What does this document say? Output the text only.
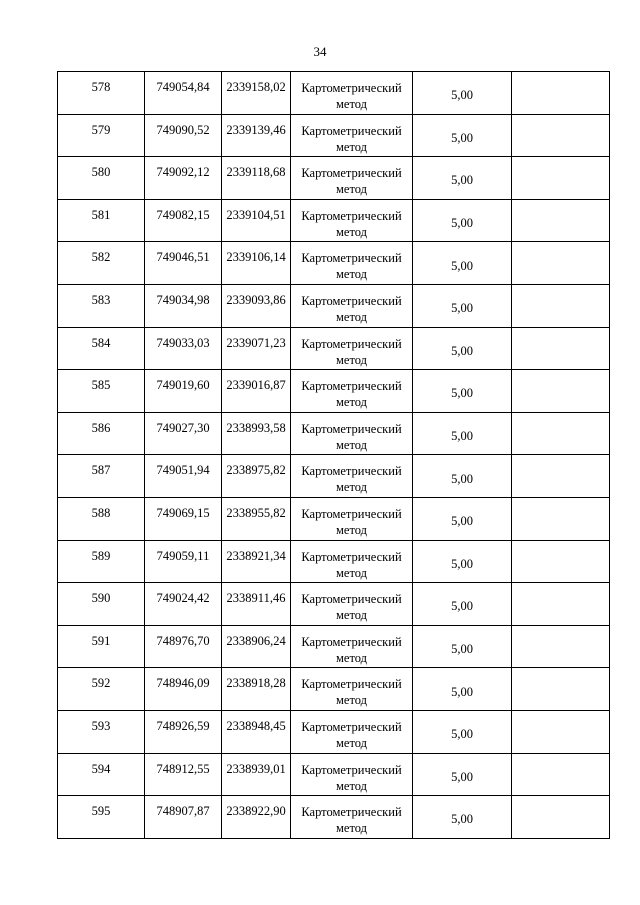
34
578	749054,84	2339158,02	Картометрический метод	5,00	
579	749090,52	2339139,46	Картометрический метод	5,00	
580	749092,12	2339118,68	Картометрический метод	5,00	
581	749082,15	2339104,51	Картометрический метод	5,00	
582	749046,51	2339106,14	Картометрический метод	5,00	
583	749034,98	2339093,86	Картометрический метод	5,00	
584	749033,03	2339071,23	Картометрический метод	5,00	
585	749019,60	2339016,87	Картометрический метод	5,00	
586	749027,30	2338993,58	Картометрический метод	5,00	
587	749051,94	2338975,82	Картометрический метод	5,00	
588	749069,15	2338955,82	Картометрический метод	5,00	
589	749059,11	2338921,34	Картометрический метод	5,00	
590	749024,42	2338911,46	Картометрический метод	5,00	
591	748976,70	2338906,24	Картометрический метод	5,00	
592	748946,09	2338918,28	Картометрический метод	5,00	
593	748926,59	2338948,45	Картометрический метод	5,00	
594	748912,55	2338939,01	Картометрический метод	5,00	
595	748907,87	2338922,90	Картометрический метод	5,00	
